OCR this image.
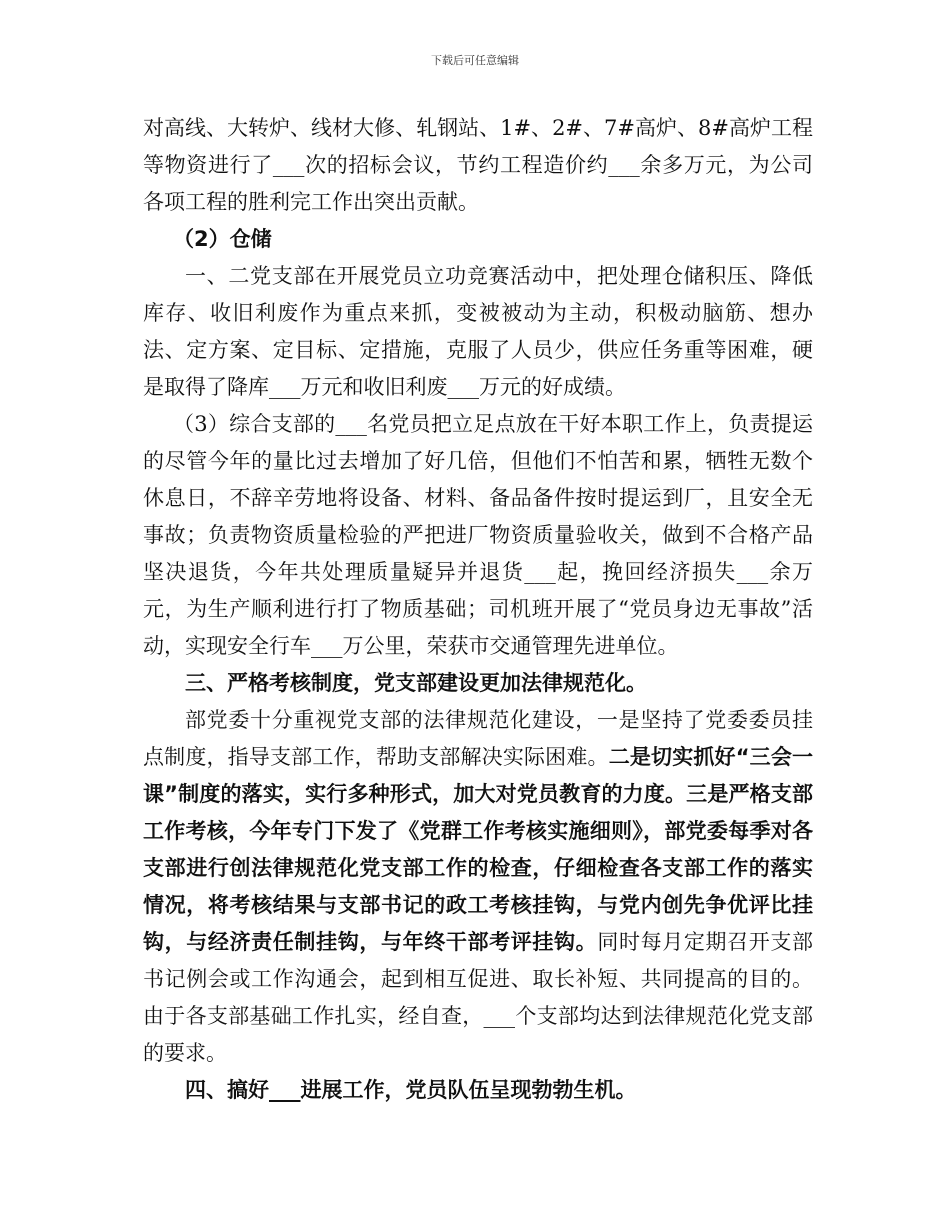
下载后可任意编辑

对高线、大转炉、线材大修、轧钢站、1#、2#、7#高炉、8#高炉工程等物资进行了___次的招标会议，节约工程造价约___余多万元，为公司各项工程的胜利完工作出突出贡献。

（2）仓储

一、二党支部在开展党员立功竞赛活动中，把处理仓储积压、降低库存、收旧利废作为重点来抓，变被被动为主动，积极动脑筋、想办法、定方案、定目标、定措施，克服了人员少，供应任务重等困难，硬是取得了降库___万元和收旧利废___万元的好成绩。

（3）综合支部的___名党员把立足点放在干好本职工作上，负责提运的尽管今年的量比过去增加了好几倍，但他们不怕苦和累，牺牲无数个休息日，不辞辛劳地将设备、材料、备品备件按时提运到厂，且安全无事故；负责物资质量检验的严把进厂物资质量验收关，做到不合格产品坚决退货，今年共处理质量疑异并退货___起，挽回经济损失___余万元，为生产顺利进行打了物质基础；司机班开展了“党员身边无事故”活动，实现安全行车___万公里，荣获市交通管理先进单位。

三、严格考核制度，党支部建设更加法律规范化。

部党委十分重视党支部的法律规范化建设，一是坚持了党委委员挂点制度，指导支部工作，帮助支部解决实际困难。二是切实抓好“三会一课”制度的落实，实行多种形式，加大对党员教育的力度。三是严格支部工作考核，今年专门下发了《党群工作考核实施细则》，部党委每季对各支部进行创法律规范化党支部工作的检查，仔细检查各支部工作的落实情况，将考核结果与支部书记的政工考核挂钩，与党内创先争优评比挂钩，与经济责任制挂钩，与年终干部考评挂钩。同时每月定期召开支部书记例会或工作沟通会，起到相互促进、取长补短、共同提高的目的。由于各支部基础工作扎实，经自查，___个支部均达到法律规范化党支部的要求。

四、搞好___进展工作，党员队伍呈现勃勃生机。
